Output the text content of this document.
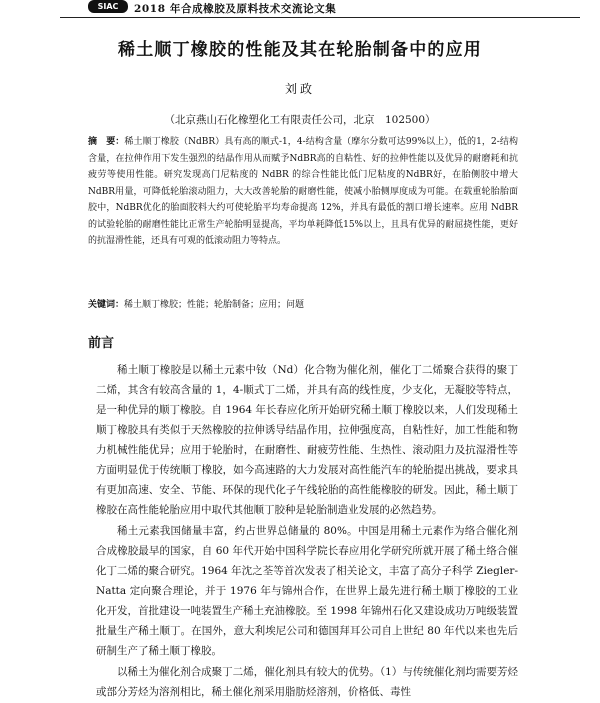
SIAC	2018 年合成橡胶及原料技术交流论文集
稀土顺丁橡胶的性能及其在轮胎制备中的应用
刘政
（北京燕山石化橡塑化工有限责任公司，北京　102500）
摘　要：稀土顺丁橡胶（NdBR）具有高的顺式-1，4-结构含量（摩尔分数可达99%以上），低的1，2-结构含量，在拉伸作用下发生强烈的结晶作用从而赋予NdBR高的自粘性、好的拉伸性能以及优异的耐磨耗和抗疲劳等使用性能。研究发现高门尼粘度的 NdBR 的综合性能比低门尼粘度的NdBR好，在胎侧胶中增大NdBR用量，可降低轮胎滚动阻力，大大改善轮胎的耐磨性能，使减小胎侧厚度成为可能。在载重轮胎胎面胶中，NdBR优化的胎面胶料大约可使轮胎平均寿命提高 12%，并具有最低的割口增长速率。应用 NdBR 的试验轮胎的耐磨性能比正常生产轮胎明显提高，平均单耗降低15%以上，且具有优异的耐屈挠性能，更好的抗湿滑性能，还具有可观的低滚动阻力等特点。
关键词：稀土顺丁橡胶；性能；轮胎制备；应用；问题
前言

稀土顺丁橡胶是以稀土元素中钕（Nd）化合物为催化剂，催化丁二烯聚合获得的聚丁二烯，其含有较高含量的 1，4-顺式丁二烯，并具有高的线性度，少支化，无凝胶等特点，是一种优异的顺丁橡胶。自 1964 年长春应化所开始研究稀土顺丁橡胶以来，人们发现稀土顺丁橡胶具有类似于天然橡胶的拉伸诱导结晶作用，拉伸强度高，自粘性好，加工性能和物力机械性能优异；应用于轮胎时，在耐磨性、耐疲劳性能、生热性、滚动阻力及抗湿滑性等方面明显优于传统顺丁橡胶，如今高速路的大力发展对高性能汽车的轮胎提出挑战，要求具有更加高速、安全、节能、环保的现代化子午线轮胎的高性能橡胶的研发。因此，稀土顺丁橡胶在高性能轮胎应用中取代其他顺丁胶种是轮胎制造业发展的必然趋势。

稀土元素我国储量丰富，约占世界总储量的 80%。中国是用稀土元素作为络合催化剂合成橡胶最早的国家，自 60 年代开始中国科学院长春应用化学研究所就开展了稀土络合催化丁二烯的聚合研究。1964 年沈之荃等首次发表了相关论文，丰富了高分子科学 Ziegler-Natta 定向聚合理论，并于 1976 年与锦州合作，在世界上最先进行稀土顺丁橡胶的工业化开发，首批建设一吨装置生产稀土充油橡胶。至 1998 年锦州石化又建设成功万吨级装置批量生产稀土顺丁。在国外，意大利埃尼公司和德国拜耳公司自上世纪 80 年代以来也先后研制生产了稀土顺丁橡胶。

以稀土为催化剂合成聚丁二烯，催化剂具有较大的优势。（1）与传统催化剂均需要芳烃或部分芳烃为溶剂相比，稀土催化剂采用脂肪烃溶剂，价格低、毒性
